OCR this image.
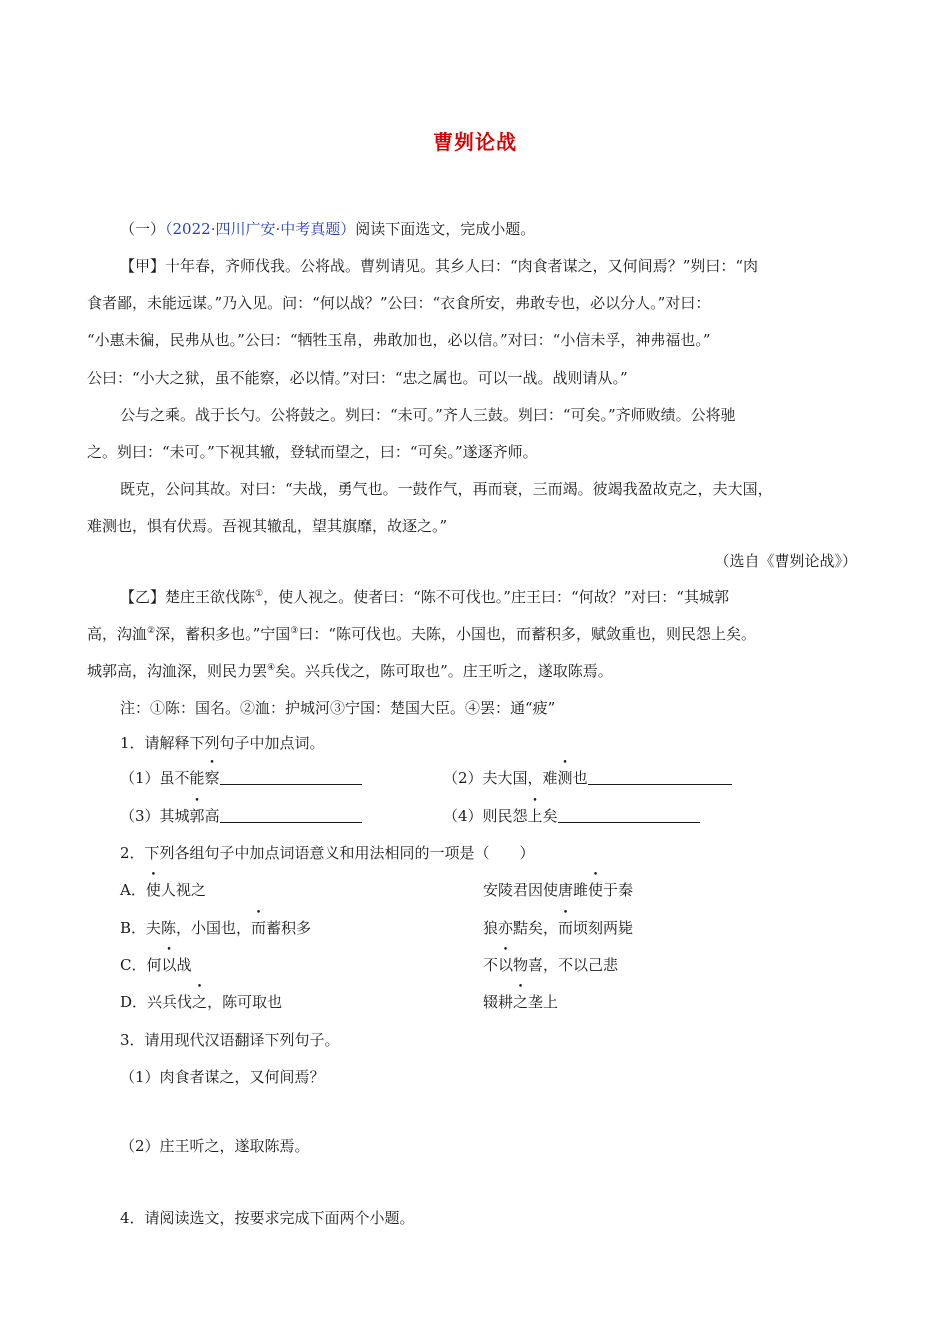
曹刿论战
（一）（2022·四川广安·中考真题）阅读下面选文，完成小题。
【甲】十年春，齐师伐我。公将战。曹刿请见。其乡人曰：“肉食者谋之，又何间焉？”刿曰：“肉
食者鄙，未能远谋。”乃入见。问：“何以战？”公曰：“衣食所安，弗敢专也，必以分人。”对曰：
“小惠未徧，民弗从也。”公曰：“牺牲玉帛，弗敢加也，必以信。”对曰：“小信未孚，神弗福也。”
公曰：“小大之狱，虽不能察，必以情。”对曰：“忠之属也。可以一战。战则请从。”
公与之乘。战于长勺。公将鼓之。刿曰：“未可。”齐人三鼓。刿曰：“可矣。”齐师败绩。公将驰
之。刿曰：“未可。”下视其辙，登轼而望之，曰：“可矣。”遂逐齐师。
既克，公问其故。对曰：“夫战，勇气也。一鼓作气，再而衰，三而竭。彼竭我盈故克之，夫大国，
难测也，惧有伏焉。吾视其辙乱，望其旗靡，故逐之。”
（选自《曹刿论战》）
【乙】楚庄王欲伐陈①，使人视之。使者曰：“陈不可伐也。”庄王曰：“何故？”对曰：“其城郭
高，沟洫②深，蓄积多也。”宁国③曰：“陈可伐也。夫陈，小国也，而蓄积多，赋敛重也，则民怨上矣。
城郭高，沟洫深，则民力罢④矣。兴兵伐之，陈可取也”。庄王听之，遂取陈焉。
注：①陈：国名。②洫：护城河③宁国：楚国大臣。④罢：通“疲”
1．请解释下列句子中加点词。
（1）虽不能察	（2）夫大国，难测也
（3）其城郭高	（4）则民怨上矣
2．下列各组句子中加点词语意义和用法相同的一项是（　　）
A．使人视之	安陵君因使唐雎使于秦
B．夫陈，小国也，而蓄积多	狼亦黠矣，而顷刻两毙
C．何以战	不以物喜，不以己悲
D．兴兵伐之，陈可取也	辍耕之垄上
3．请用现代汉语翻译下列句子。
（1）肉食者谋之，又何间焉？
（2）庄王听之，遂取陈焉。
4．请阅读选文，按要求完成下面两个小题。
